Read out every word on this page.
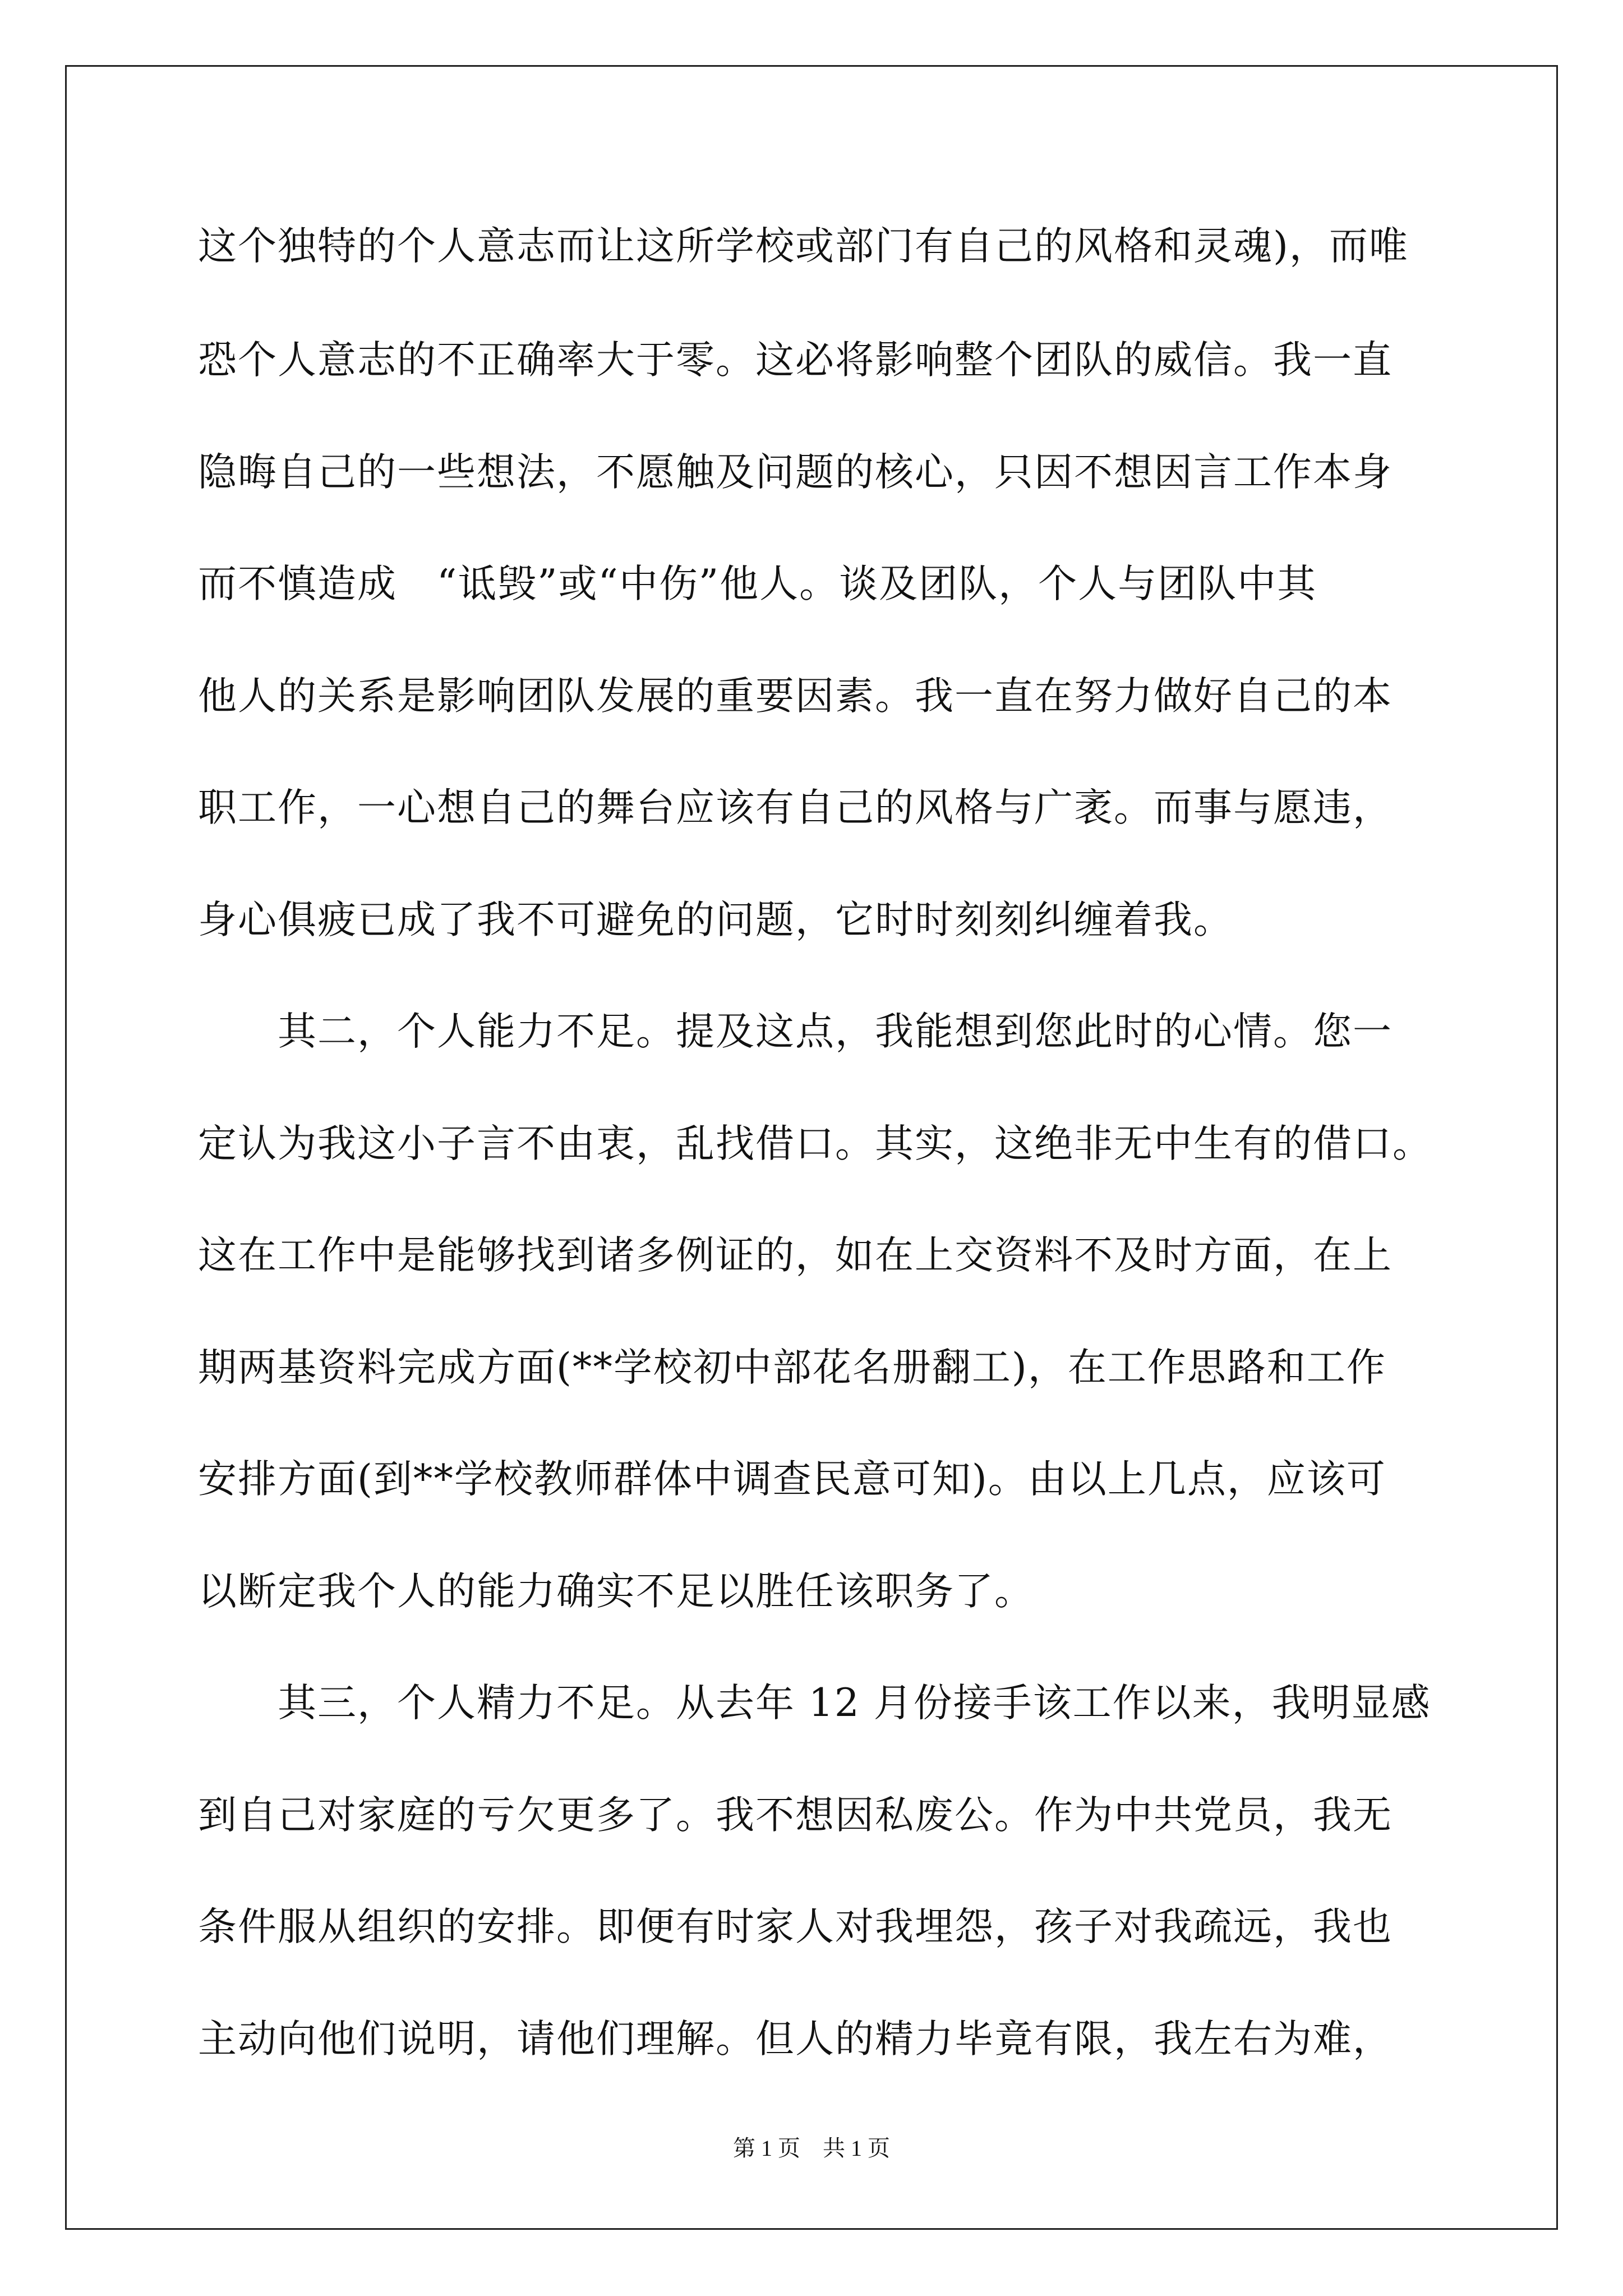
这个独特的个人意志而让这所学校或部门有自己的风格和灵魂)，而唯
恐个人意志的不正确率大于零。这必将影响整个团队的威信。我一直
隐晦自己的一些想法，不愿触及问题的核心，只因不想因言工作本身
而不慎造成　“诋毁”或“中伤”他人。谈及团队，个人与团队中其
他人的关系是影响团队发展的重要因素。我一直在努力做好自己的本
职工作，一心想自己的舞台应该有自己的风格与广袤。而事与愿违，
身心俱疲已成了我不可避免的问题，它时时刻刻纠缠着我。
　　其二，个人能力不足。提及这点，我能想到您此时的心情。您一
定认为我这小子言不由衷，乱找借口。其实，这绝非无中生有的借口。
这在工作中是能够找到诸多例证的，如在上交资料不及时方面，在上
期两基资料完成方面(**学校初中部花名册翻工)，在工作思路和工作
安排方面(到**学校教师群体中调查民意可知)。由以上几点，应该可
以断定我个人的能力确实不足以胜任该职务了。
　　其三，个人精力不足。从去年 12 月份接手该工作以来，我明显感
到自己对家庭的亏欠更多了。我不想因私废公。作为中共党员，我无
条件服从组织的安排。即便有时家人对我埋怨，孩子对我疏远，我也
主动向他们说明，请他们理解。但人的精力毕竟有限，我左右为难，
第 1 页　共 1 页
